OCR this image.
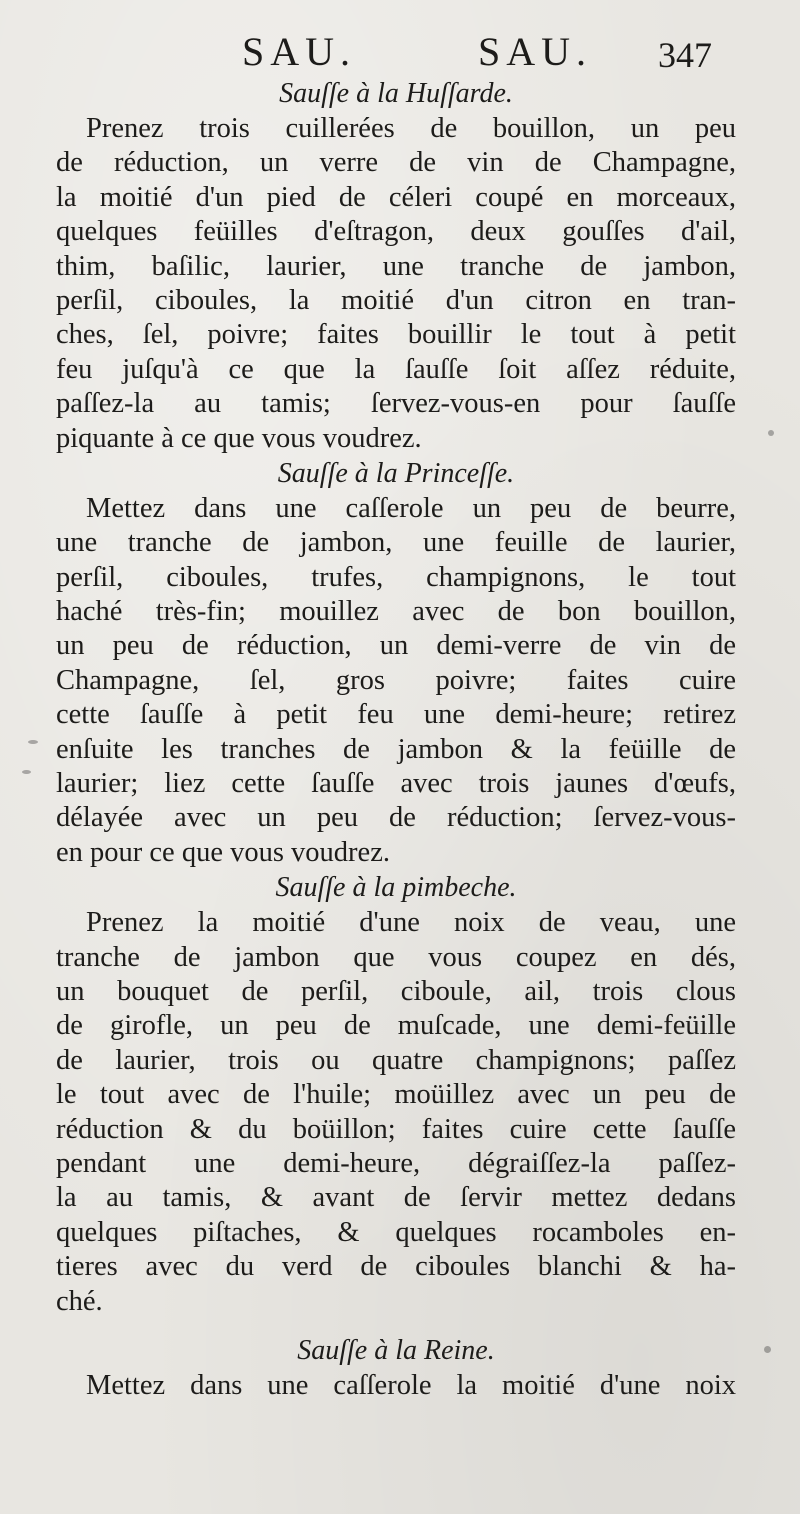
SAU.	SAU. 347
Sauſſe à la Huſſarde.
Prenez trois cuillerées de bouillon, un peu
de réduction, un verre de vin de Champagne,
la moitié d'un pied de céleri coupé en morceaux,
quelques feüilles d'eſtragon, deux gouſſes d'ail,
thim, baſilic, laurier, une tranche de jambon,
perſil, ciboules, la moitié d'un citron en tran-
ches, ſel, poivre; faites bouillir le tout à petit
feu juſqu'à ce que la ſauſſe ſoit aſſez réduite,
paſſez-la au tamis; ſervez-vous-en pour ſauſſe
piquante à ce que vous voudrez.
Sauſſe à la Princeſſe.
Mettez dans une caſſerole un peu de beurre,
une tranche de jambon, une feuille de laurier,
perſil, ciboules, trufes, champignons, le tout
haché très-fin; mouillez avec de bon bouillon,
un peu de réduction, un demi-verre de vin de
Champagne, ſel, gros poivre; faites cuire
cette ſauſſe à petit feu une demi-heure; retirez
enſuite les tranches de jambon & la feüille de
laurier; liez cette ſauſſe avec trois jaunes d'œufs,
délayée avec un peu de réduction; ſervez-vous-
en pour ce que vous voudrez.
Sauſſe à la pimbeche.
Prenez la moitié d'une noix de veau, une
tranche de jambon que vous coupez en dés,
un bouquet de perſil, ciboule, ail, trois clous
de girofle, un peu de muſcade, une demi-feüille
de laurier, trois ou quatre champignons; paſſez
le tout avec de l'huile; moüillez avec un peu de
réduction & du boüillon; faites cuire cette ſauſſe
pendant une demi-heure, dégraiſſez-la paſſez-
la au tamis, & avant de ſervir mettez dedans
quelques piſtaches, & quelques rocamboles en-
tieres avec du verd de ciboules blanchi & ha-
ché.
Sauſſe à la Reine.
Mettez dans une caſſerole la moitié d'une noix
